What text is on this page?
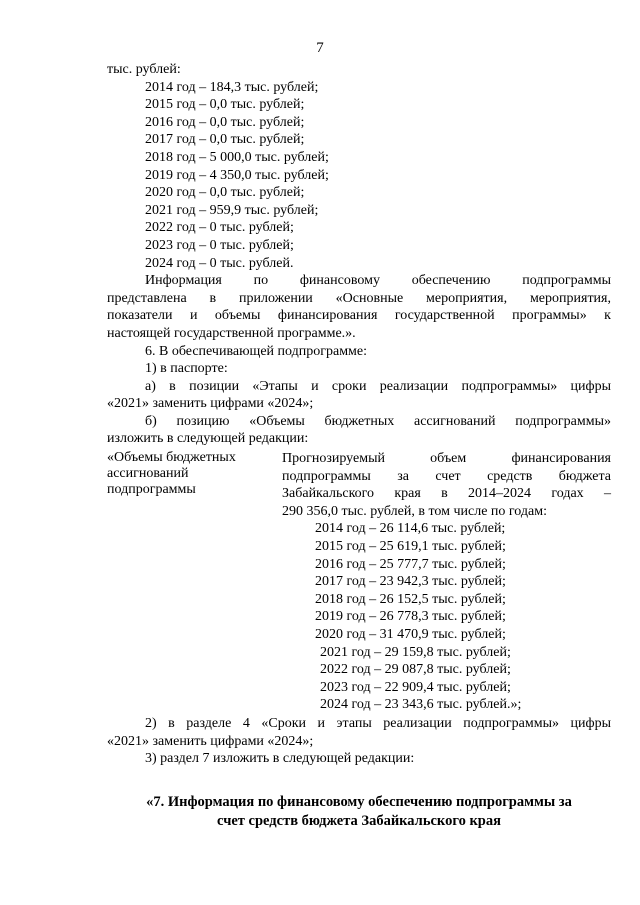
7
тыс. рублей:
2014 год – 184,3 тыс. рублей;
2015 год – 0,0 тыс. рублей;
2016 год – 0,0 тыс. рублей;
2017 год – 0,0 тыс. рублей;
2018 год – 5 000,0 тыс. рублей;
2019 год – 4 350,0 тыс. рублей;
2020 год – 0,0 тыс. рублей;
2021 год – 959,9 тыс. рублей;
2022 год – 0 тыс. рублей;
2023 год – 0 тыс. рублей;
2024 год – 0 тыс. рублей.
Информация по финансовому обеспечению подпрограммы
представлена в приложении «Основные мероприятия, мероприятия,
показатели и объемы финансирования государственной программы» к
настоящей государственной программе.».
6. В обеспечивающей подпрограмме:
1) в паспорте:
а) в позиции «Этапы и сроки реализации подпрограммы» цифры
«2021» заменить цифрами «2024»;
б) позицию «Объемы бюджетных ассигнований подпрограммы»
изложить в следующей редакции:
«Объемы бюджетных
ассигнований
подпрограммы
Прогнозируемый объем финансирования
подпрограммы за счет средств бюджета
Забайкальского края в 2014–2024 годах –
290 356,0 тыс. рублей, в том числе по годам:
2014 год – 26 114,6 тыс. рублей;
2015 год – 25 619,1 тыс. рублей;
2016 год – 25 777,7 тыс. рублей;
2017 год – 23 942,3 тыс. рублей;
2018 год – 26 152,5 тыс. рублей;
2019 год – 26 778,3 тыс. рублей;
2020 год – 31 470,9 тыс. рублей;
2021 год – 29 159,8 тыс. рублей;
2022 год – 29 087,8 тыс. рублей;
2023 год – 22 909,4 тыс. рублей;
2024 год – 23 343,6 тыс. рублей.»;
2) в разделе 4 «Сроки и этапы реализации подпрограммы» цифры
«2021» заменить цифрами «2024»;
3) раздел 7 изложить в следующей редакции:
«7. Информация по финансовому обеспечению подпрограммы за
счет средств бюджета Забайкальского края
